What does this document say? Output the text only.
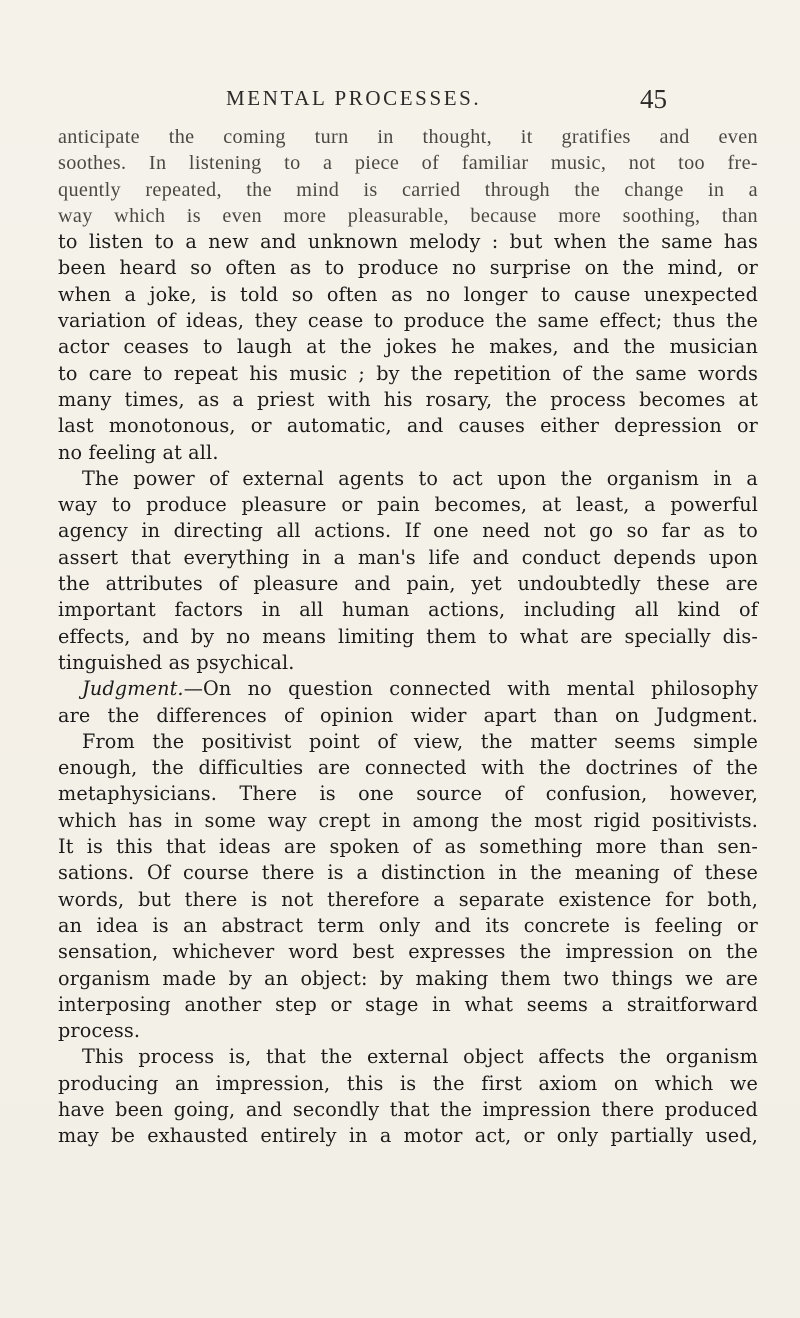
MENTAL PROCESSES.	45
anticipate the coming turn in thought, it gratifies and even
soothes. In listening to a piece of familiar music, not too fre-
quently repeated, the mind is carried through the change in a
way which is even more pleasurable, because more soothing, than
to listen to a new and unknown melody : but when the same has
been heard so often as to produce no surprise on the mind, or
when a joke, is told so often as no longer to cause unexpected
variation of ideas, they cease to produce the same effect; thus the
actor ceases to laugh at the jokes he makes, and the musician
to care to repeat his music ; by the repetition of the same words
many times, as a priest with his rosary, the process becomes at
last monotonous, or automatic, and causes either depression or
no feeling at all.
The power of external agents to act upon the organism in a
way to produce pleasure or pain becomes, at least, a powerful
agency in directing all actions. If one need not go so far as to
assert that everything in a man's life and conduct depends upon
the attributes of pleasure and pain, yet undoubtedly these are
important factors in all human actions, including all kind of
effects, and by no means limiting them to what are specially dis-
tinguished as psychical.
Judgment.—On no question connected with mental philosophy
are the differences of opinion wider apart than on Judgment.
From the positivist point of view, the matter seems simple
enough, the difficulties are connected with the doctrines of the
metaphysicians. There is one source of confusion, however,
which has in some way crept in among the most rigid positivists.
It is this that ideas are spoken of as something more than sen-
sations. Of course there is a distinction in the meaning of these
words, but there is not therefore a separate existence for both,
an idea is an abstract term only and its concrete is feeling or
sensation, whichever word best expresses the impression on the
organism made by an object: by making them two things we are
interposing another step or stage in what seems a straitforward
process.
This process is, that the external object affects the organism
producing an impression, this is the first axiom on which we
have been going, and secondly that the impression there produced
may be exhausted entirely in a motor act, or only partially used,
